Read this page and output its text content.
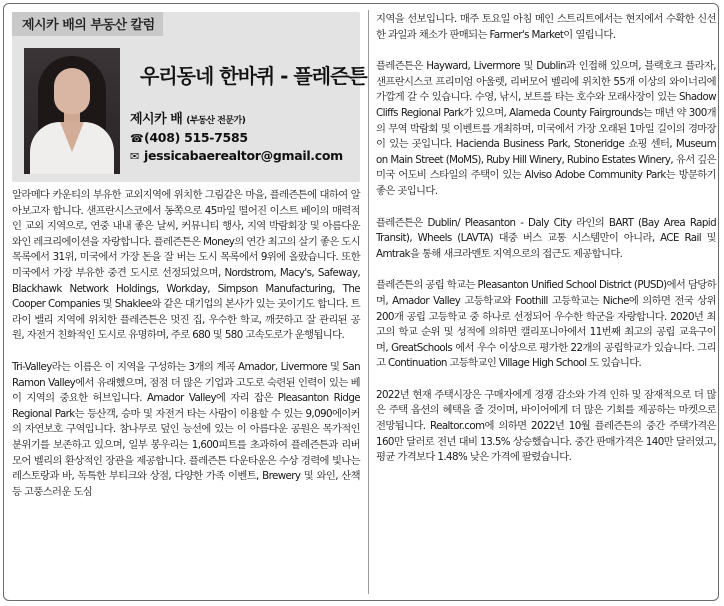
제시카 배의 부동산 칼럼
우리동네 한바퀴 - 플레즌튼
제시카 배 (부동산 전문가)
☎(408) 515-7585
✉ jessicabaerealtor@gmail.com

알라메다 카운티의 부유한 교외지역에 위치한 그림같은 마을, 플레즌튼에 대하여 알아보고자 합니다. 샌프란시스코에서 동쪽으로 45마일 떨어진 이스트 베이의 매력적인 교외 지역으로, 연중 내내 좋은 날씨, 커뮤니티 행사, 지역 박람회장 및 아름다운 와인 레크리에이션을 자랑합니다. 플레즌튼은 Money의 연간 최고의 살기 좋은 도시 목록에서 31위, 미국에서 가장 돈을 잘 버는 도시 목록에서 9위에 올랐습니다. 또한 미국에서 가장 부유한 중견 도시로 선정되었으며, Nordstrom, Macy's, Safeway, Blackhawk Network Holdings, Workday, Simpson Manufacturing, The Cooper Companies 및 Shaklee와 같은 대기업의 본사가 있는 곳이기도 합니다. 트라이 밸리 지역에 위치한 플레즌튼은 멋진 집, 우수한 학교, 깨끗하고 잘 관리된 공원, 자전거 친화적인 도시로 유명하며, 주로 680 및 580 고속도로가 운행됩니다.

Tri-Valley라는 이름은 이 지역을 구성하는 3개의 계곡 Amador, Livermore 및 San Ramon Valley에서 유래했으며, 점점 더 많은 기업과 고도로 숙련된 인력이 있는 베이 지역의 중요한 허브입니다. Amador Valley에 자리 잡은 Pleasanton Ridge Regional Park는 등산객, 승마 및 자전거 타는 사람이 이용할 수 있는 9,090에이커의 자연보호 구역입니다. 참나무로 덮인 능선에 있는 이 아름다운 공원은 목가적인 분위기를 보존하고 있으며, 일부 봉우리는 1,600피트를 초과하여 플레즌튼과 리버모어 벨리의 환상적인 장관을 제공합니다. 플레즌튼 다운타운은 수상 경력에 빛나는 레스토랑과 바, 독특한 부티크와 상점, 다양한 가족 이벤트, Brewery 및 와인, 산책 등 고풍스러운 도심

지역을 선보입니다. 매주 토요일 아침 메인 스트리트에서는 현지에서 수확한 신선한 과일과 채소가 판매되는 Farmer's Market이 열립니다.

플레즌튼은 Hayward, Livermore 및 Dublin과 인접해 있으며, 블랙호크 플라자, 샌프란시스코 프리미엄 아울렛, 리버모어 벨리에 위치한 55개 이상의 와이너리에 가깝게 갈 수 있습니다. 수영, 낚시, 보트를 타는 호수와 모래사장이 있는 Shadow Cliffs Regional Park가 있으며, Alameda County Fairgrounds는 매년 약 300개의 무역 박람회 및 이벤트를 개최하며, 미국에서 가장 오래된 1마일 길이의 경마장이 있는 곳입니다. Hacienda Business Park, Stoneridge 쇼핑 센터, Museum on Main Street (MoMS), Ruby Hill Winery, Rubino Estates Winery, 유서 깊은 미국 어도비 스타일의 주택이 있는 Alviso Adobe Community Park는 방문하기 좋은 곳입니다.

플레즌튼은 Dublin/ Pleasanton - Daly City 라인의 BART (Bay Area Rapid Transit), Wheels (LAVTA) 대중 버스 교통 시스템만이 아니라, ACE Rail 및 Amtrak을 통해 새크라멘토 지역으로의 접근도 제공합니다.

플레즌튼의 공립 학교는 Pleasanton Unified School District (PUSD)에서 담당하며, Amador Valley 고등학교와 Foothill 고등학교는 Niche에 의하면 전국 상위 200개 공립 고등학교 중 하나로 선정되어 우수한 학군을 자랑합니다. 2020년 최고의 학교 순위 및 성적에 의하면 캘리포니아에서 11번째 최고의 공립 교육구이며, GreatSchools 에서 우수 이상으로 평가한 22개의 공립학교가 있습니다. 그리고 Continuation 고등학교인 Village High School 도 있습니다.

2022년 현재 주택시장은 구매자에게 경쟁 감소와 가격 인하 및 잠재적으로 더 많은 주택 옵션의 혜택을 줄 것이며, 바이어에게 더 많은 기회를 제공하는 마켓으로 전망됩니다. Realtor.com에 의하면 2022년 10월 플레즌튼의 중간 주택가격은 160만 달러로 전년 대비 13.5% 상승했습니다. 중간 판매가격은 140만 달러였고, 평균 가격보다 1.48% 낮은 가격에 팔렸습니다.
